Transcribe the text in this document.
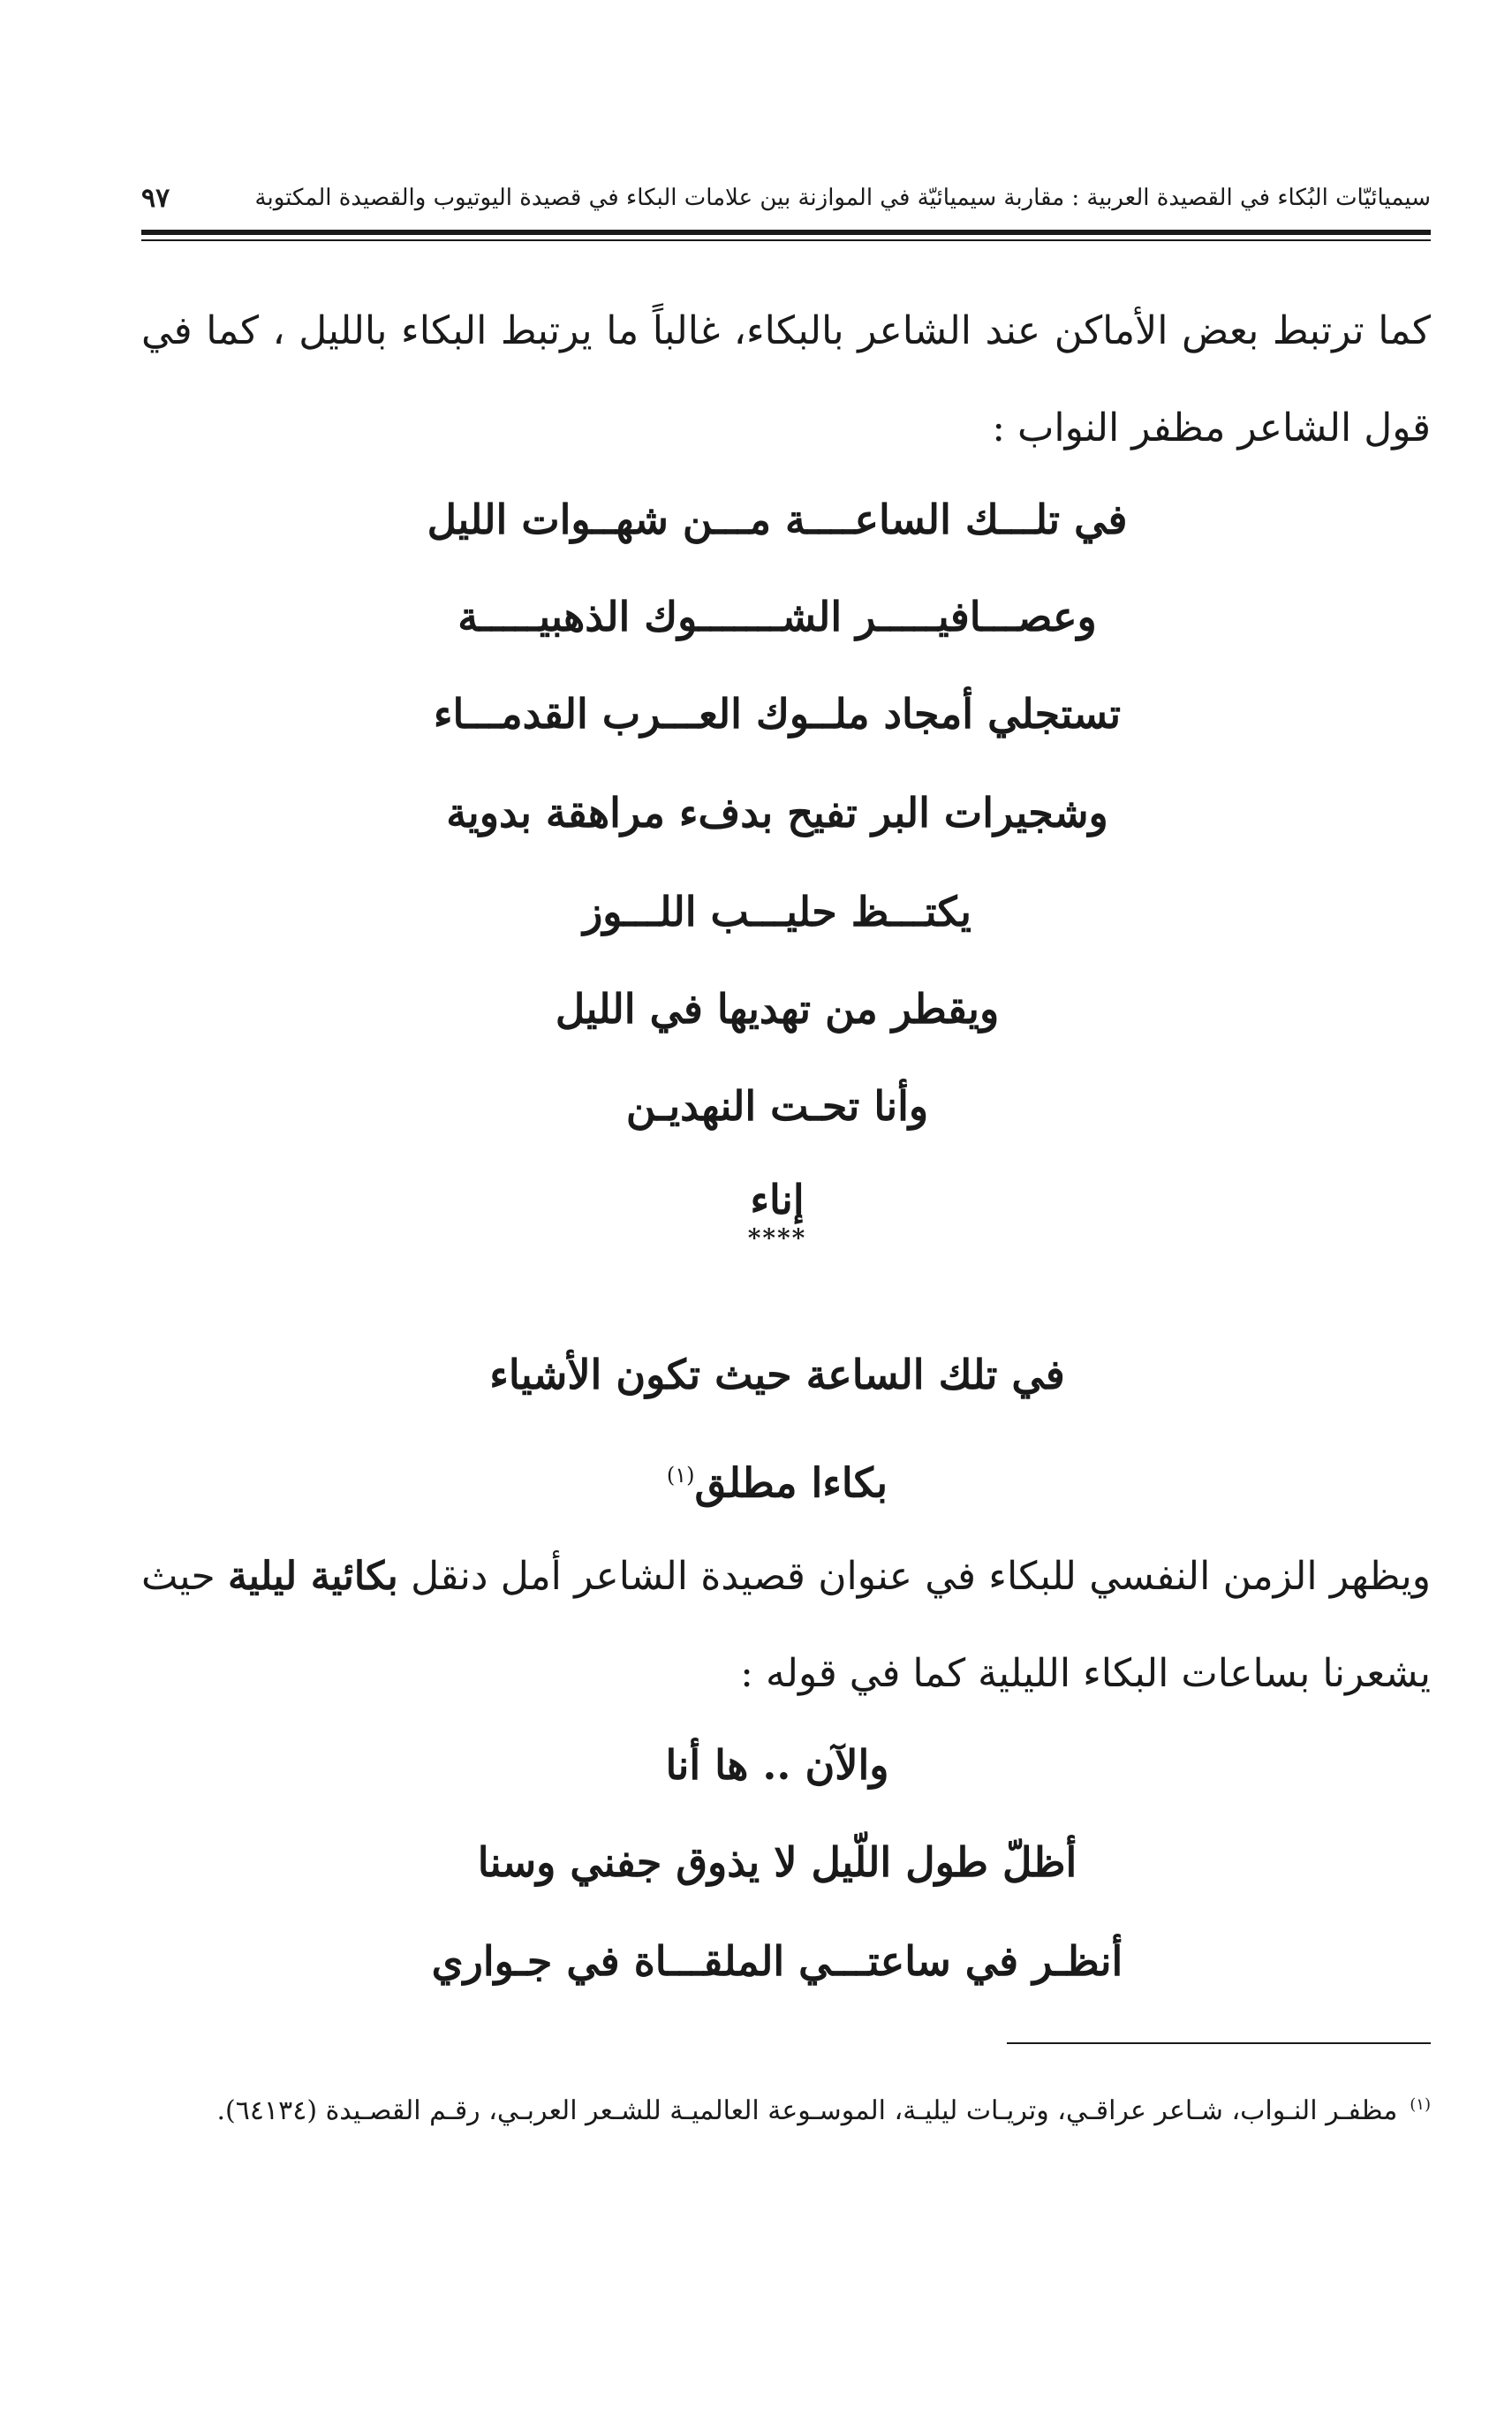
سيميائيّات البُكاء في القصيدة العربية : مقاربة سيميائيّة في الموازنة بين علامات البكاء في قصيدة اليوتيوب والقصيدة المكتوبة
٩٧
كما ترتبط بعض الأماكن عند الشاعر بالبكاء، غالباً ما يرتبط البكاء بالليل ، كما في قول الشاعر مظفر النواب :
في تلـــك الساعــــة مـــن شهــوات الليل
وعصـــافيـــــر الشـــــــوك الذهبيـــــة
تستجلي أمجاد ملــوك العـــرب القدمـــاء
وشجيرات البر تفيح بدفء مراهقة بدوية
يكتـــظ حليـــب اللـــوز
ويقطر من تهديها في الليل
وأنا تحـت النهديـن
إناء
****
في تلك الساعة حيث تكون الأشياء
بكاءا مطلق$^{(١)}$
ويظهر الزمن النفسي للبكاء في عنوان قصيدة الشاعر أمل دنقل بكائية ليلية حيث يشعرنا بساعات البكاء الليلية كما في قوله :
والآن .. ها أنا
أظلّ طول اللّيل لا يذوق جفني وسنا
أنظـر في ساعتـــي الملقـــاة في جـواري
$^{(١)}$مظفـر النـواب، شـاعر عراقـي، وتريـات ليليـة، الموسـوعة العالميـة للشـعر العربـي، رقـم القصـيدة (٦٤١٣٤).
